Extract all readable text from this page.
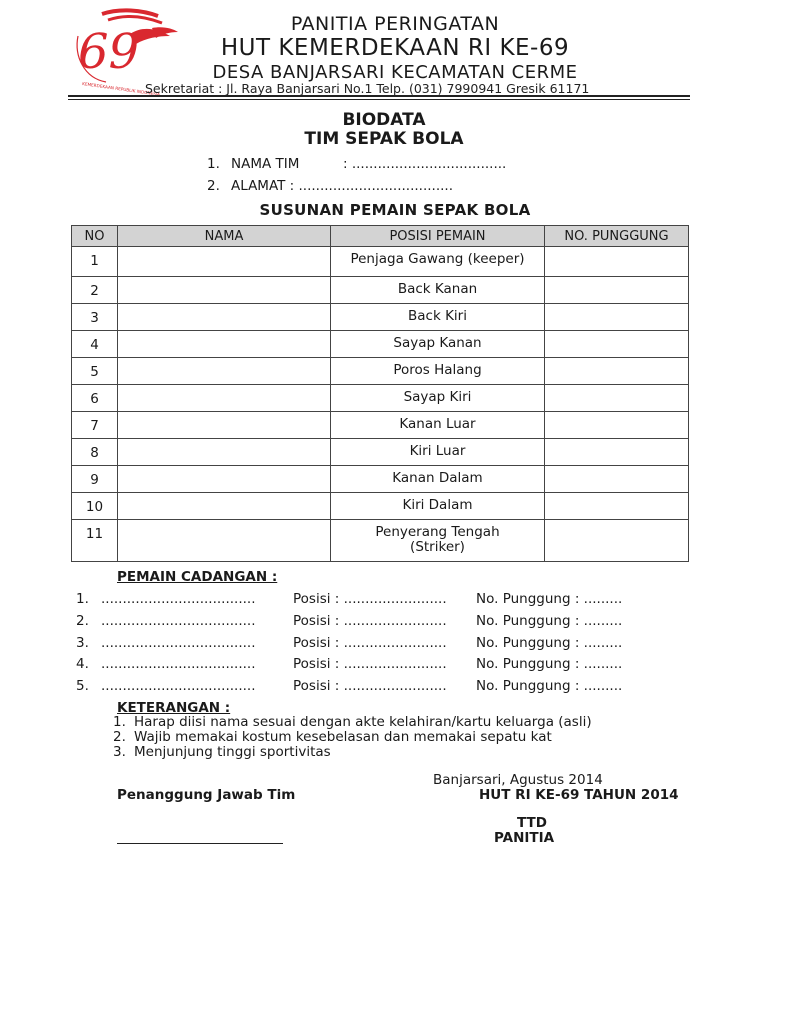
69
KEMERDEKAAN REPUBLIK INDONESIA
PANITIA PERINGATAN
HUT KEMERDEKAAN RI KE-69
DESA BANJARSARI KECAMATAN CERME
Sekretariat : Jl. Raya Banjarsari No.1 Telp. (031) 7990941 Gresik 61171
BIODATA
TIM SEPAK BOLA
1. NAMA TIM	: ....................................
2. ALAMAT : ....................................
SUSUNAN PEMAIN SEPAK BOLA
NO	NAMA	POSISI PEMAIN	NO. PUNGGUNG
1		Penjaga Gawang (keeper)	
2		Back Kanan	
3		Back Kiri	
4		Sayap Kanan	
5		Poros Halang	
6		Sayap Kiri	
7		Kanan Luar	
8		Kiri Luar	
9		Kanan Dalam	
10		Kiri Dalam	
11		Penyerang Tengah
(Striker)	

PEMAIN CADANGAN :
1. ....................................	Posisi : ........................ No. Punggung : .........
2. ....................................	Posisi : ........................ No. Punggung : .........
3. ....................................	Posisi : ........................ No. Punggung : .........
4. ....................................	Posisi : ........................ No. Punggung : .........
5. ....................................	Posisi : ........................ No. Punggung : .........
KETERANGAN :
1. Harap diisi nama sesuai dengan akte kelahiran/kartu keluarga (asli)
2. Wajib memakai kostum kesebelasan dan memakai sepatu kat
3. Menjunjung tinggi sportivitas
Banjarsari, Agustus 2014
Penanggung Jawab Tim	HUT RI KE-69 TAHUN 2014
TTD
PANITIA
